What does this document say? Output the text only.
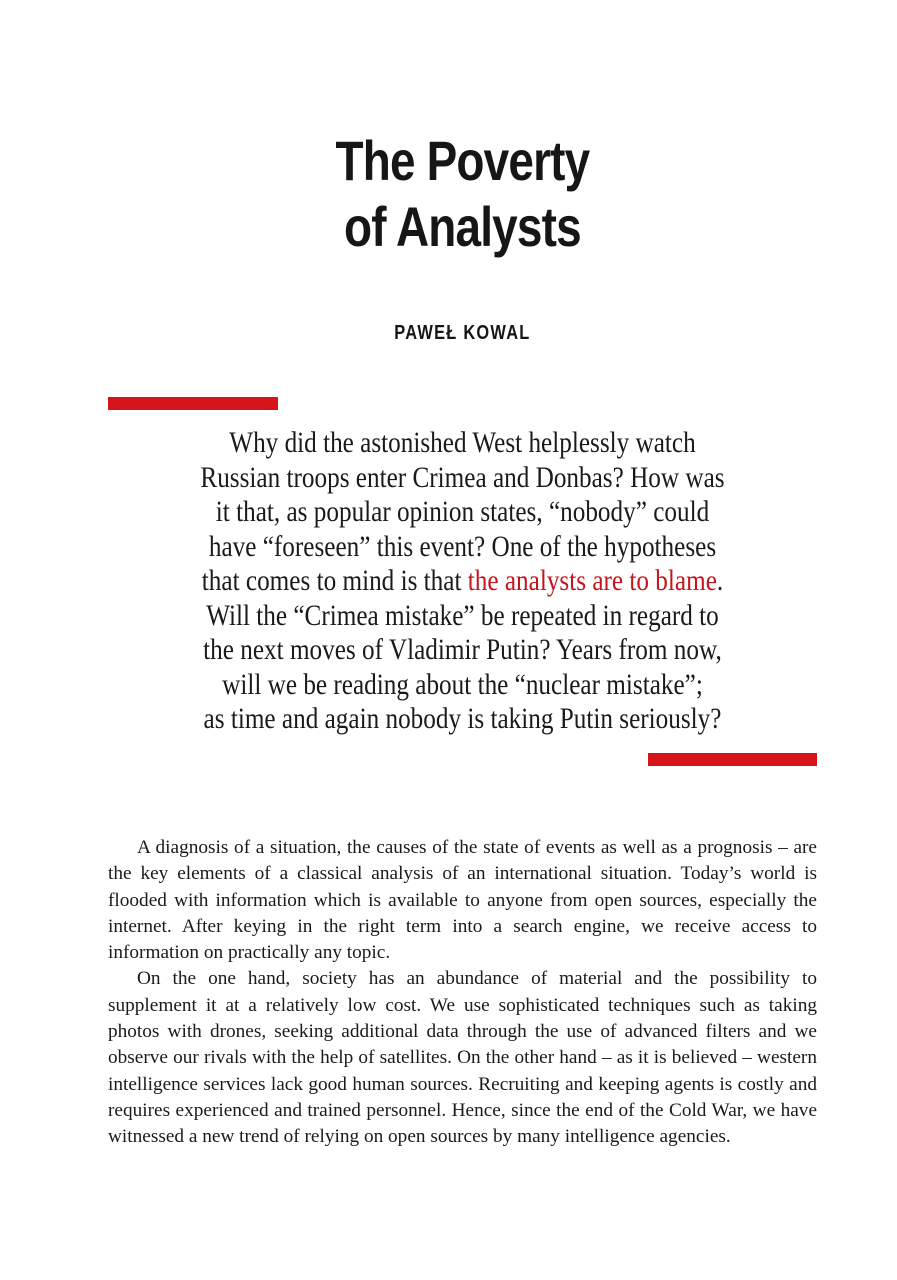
The Poverty
of Analysts
PAWEŁ KOWAL
Why did the astonished West helplessly watch
Russian troops enter Crimea and Donbas? How was
it that, as popular opinion states, “nobody” could
have “foreseen” this event? One of the hypotheses
that comes to mind is that the analysts are to blame.
Will the “Crimea mistake” be repeated in regard to
the next moves of Vladimir Putin? Years from now,
will we be reading about the “nuclear mistake”;
as time and again nobody is taking Putin seriously?

A diagnosis of a situation, the causes of the state of events as well as a prognosis – are the key elements of a classical analysis of an international situation. Today’s world is flooded with information which is available to anyone from open sources, especially the internet. After keying in the right term into a search engine, we receive access to information on practically any topic.

On the one hand, society has an abundance of material and the possibility to supplement it at a relatively low cost. We use sophisticated techniques such as taking photos with drones, seeking additional data through the use of advanced filters and we observe our rivals with the help of satellites. On the other hand – as it is believed – western intelligence services lack good human sources. Recruiting and keeping agents is costly and requires experienced and trained personnel. Hence, since the end of the Cold War, we have witnessed a new trend of relying on open sources by many intelligence agencies.
